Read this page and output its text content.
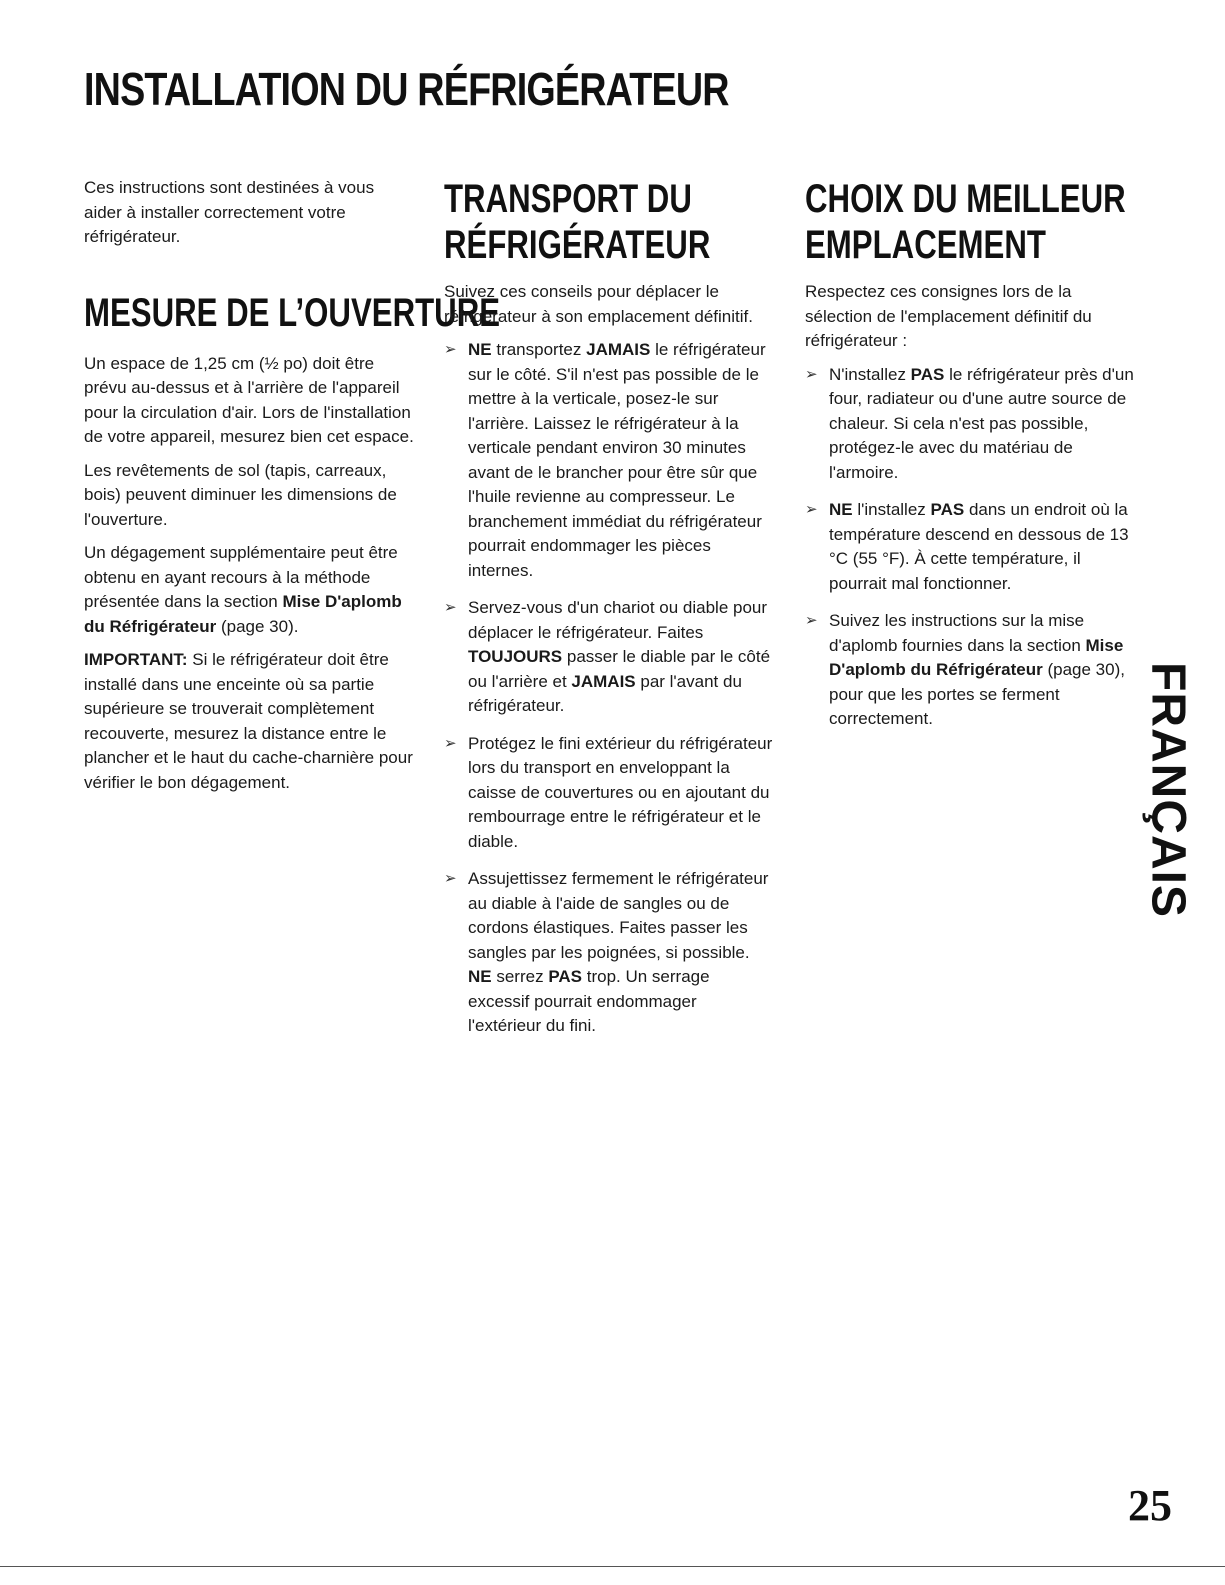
INSTALLATION DU RÉFRIGÉRATEUR

Ces instructions sont destinées à vous aider à installer correctement votre réfrigérateur.

MESURE DE L’OUVERTURE

Un espace de 1,25 cm (½ po) doit être prévu au-dessus et à l'arrière de l'appareil pour la circulation d'air. Lors de l'installation de votre appareil, mesurez bien cet espace.

Les revêtements de sol (tapis, carreaux, bois) peuvent diminuer les dimensions de l'ouverture.

Un dégagement supplémentaire peut être obtenu en ayant recours à la méthode présentée dans la section Mise D'aplomb du Réfrigérateur (page 30).

IMPORTANT: Si le réfrigérateur doit être installé dans une enceinte où sa partie supérieure se trouverait complètement recouverte, mesurez la distance entre le plancher et le haut du cache-charnière pour vérifier le bon dégagement.

TRANSPORT DU
RÉFRIGÉRATEUR

Suivez ces conseils pour déplacer le réfrigérateur à son emplacement définitif.

➢ NE transportez JAMAIS le réfrigérateur sur le côté. S'il n'est pas possible de le mettre à la verticale, posez-le sur l'arrière. Laissez le réfrigérateur à la verticale pendant environ 30 minutes avant de le brancher pour être sûr que l'huile revienne au compresseur. Le branchement immédiat du réfrigérateur pourrait endommager les pièces internes.
➢ Servez-vous d'un chariot ou diable pour déplacer le réfrigérateur. Faites TOUJOURS passer le diable par le côté ou l'arrière et JAMAIS par l'avant du réfrigérateur.
➢ Protégez le fini extérieur du réfrigérateur lors du transport en enveloppant la caisse de couvertures ou en ajoutant du rembourrage entre le réfrigérateur et le diable.
➢ Assujettissez fermement le réfrigérateur au diable à l'aide de sangles ou de cordons élastiques. Faites passer les sangles par les poignées, si possible. NE serrez PAS trop. Un serrage excessif pourrait endommager l'extérieur du fini.
CHOIX DU MEILLEUR
EMPLACEMENT

Respectez ces consignes lors de la sélection de l'emplacement définitif du réfrigérateur :

➢ N'installez PAS le réfrigérateur près d'un four, radiateur ou d'une autre source de chaleur. Si cela n'est pas possible, protégez-le avec du matériau de l'armoire.
➢ NE l'installez PAS dans un endroit où la température descend en dessous de 13 °C (55 °F). À cette température, il pourrait mal fonctionner.
➢ Suivez les instructions sur la mise d'aplomb fournies dans la section Mise D'aplomb du Réfrigérateur (page 30), pour que les portes se ferment correctement.	FRANÇAIS
25
